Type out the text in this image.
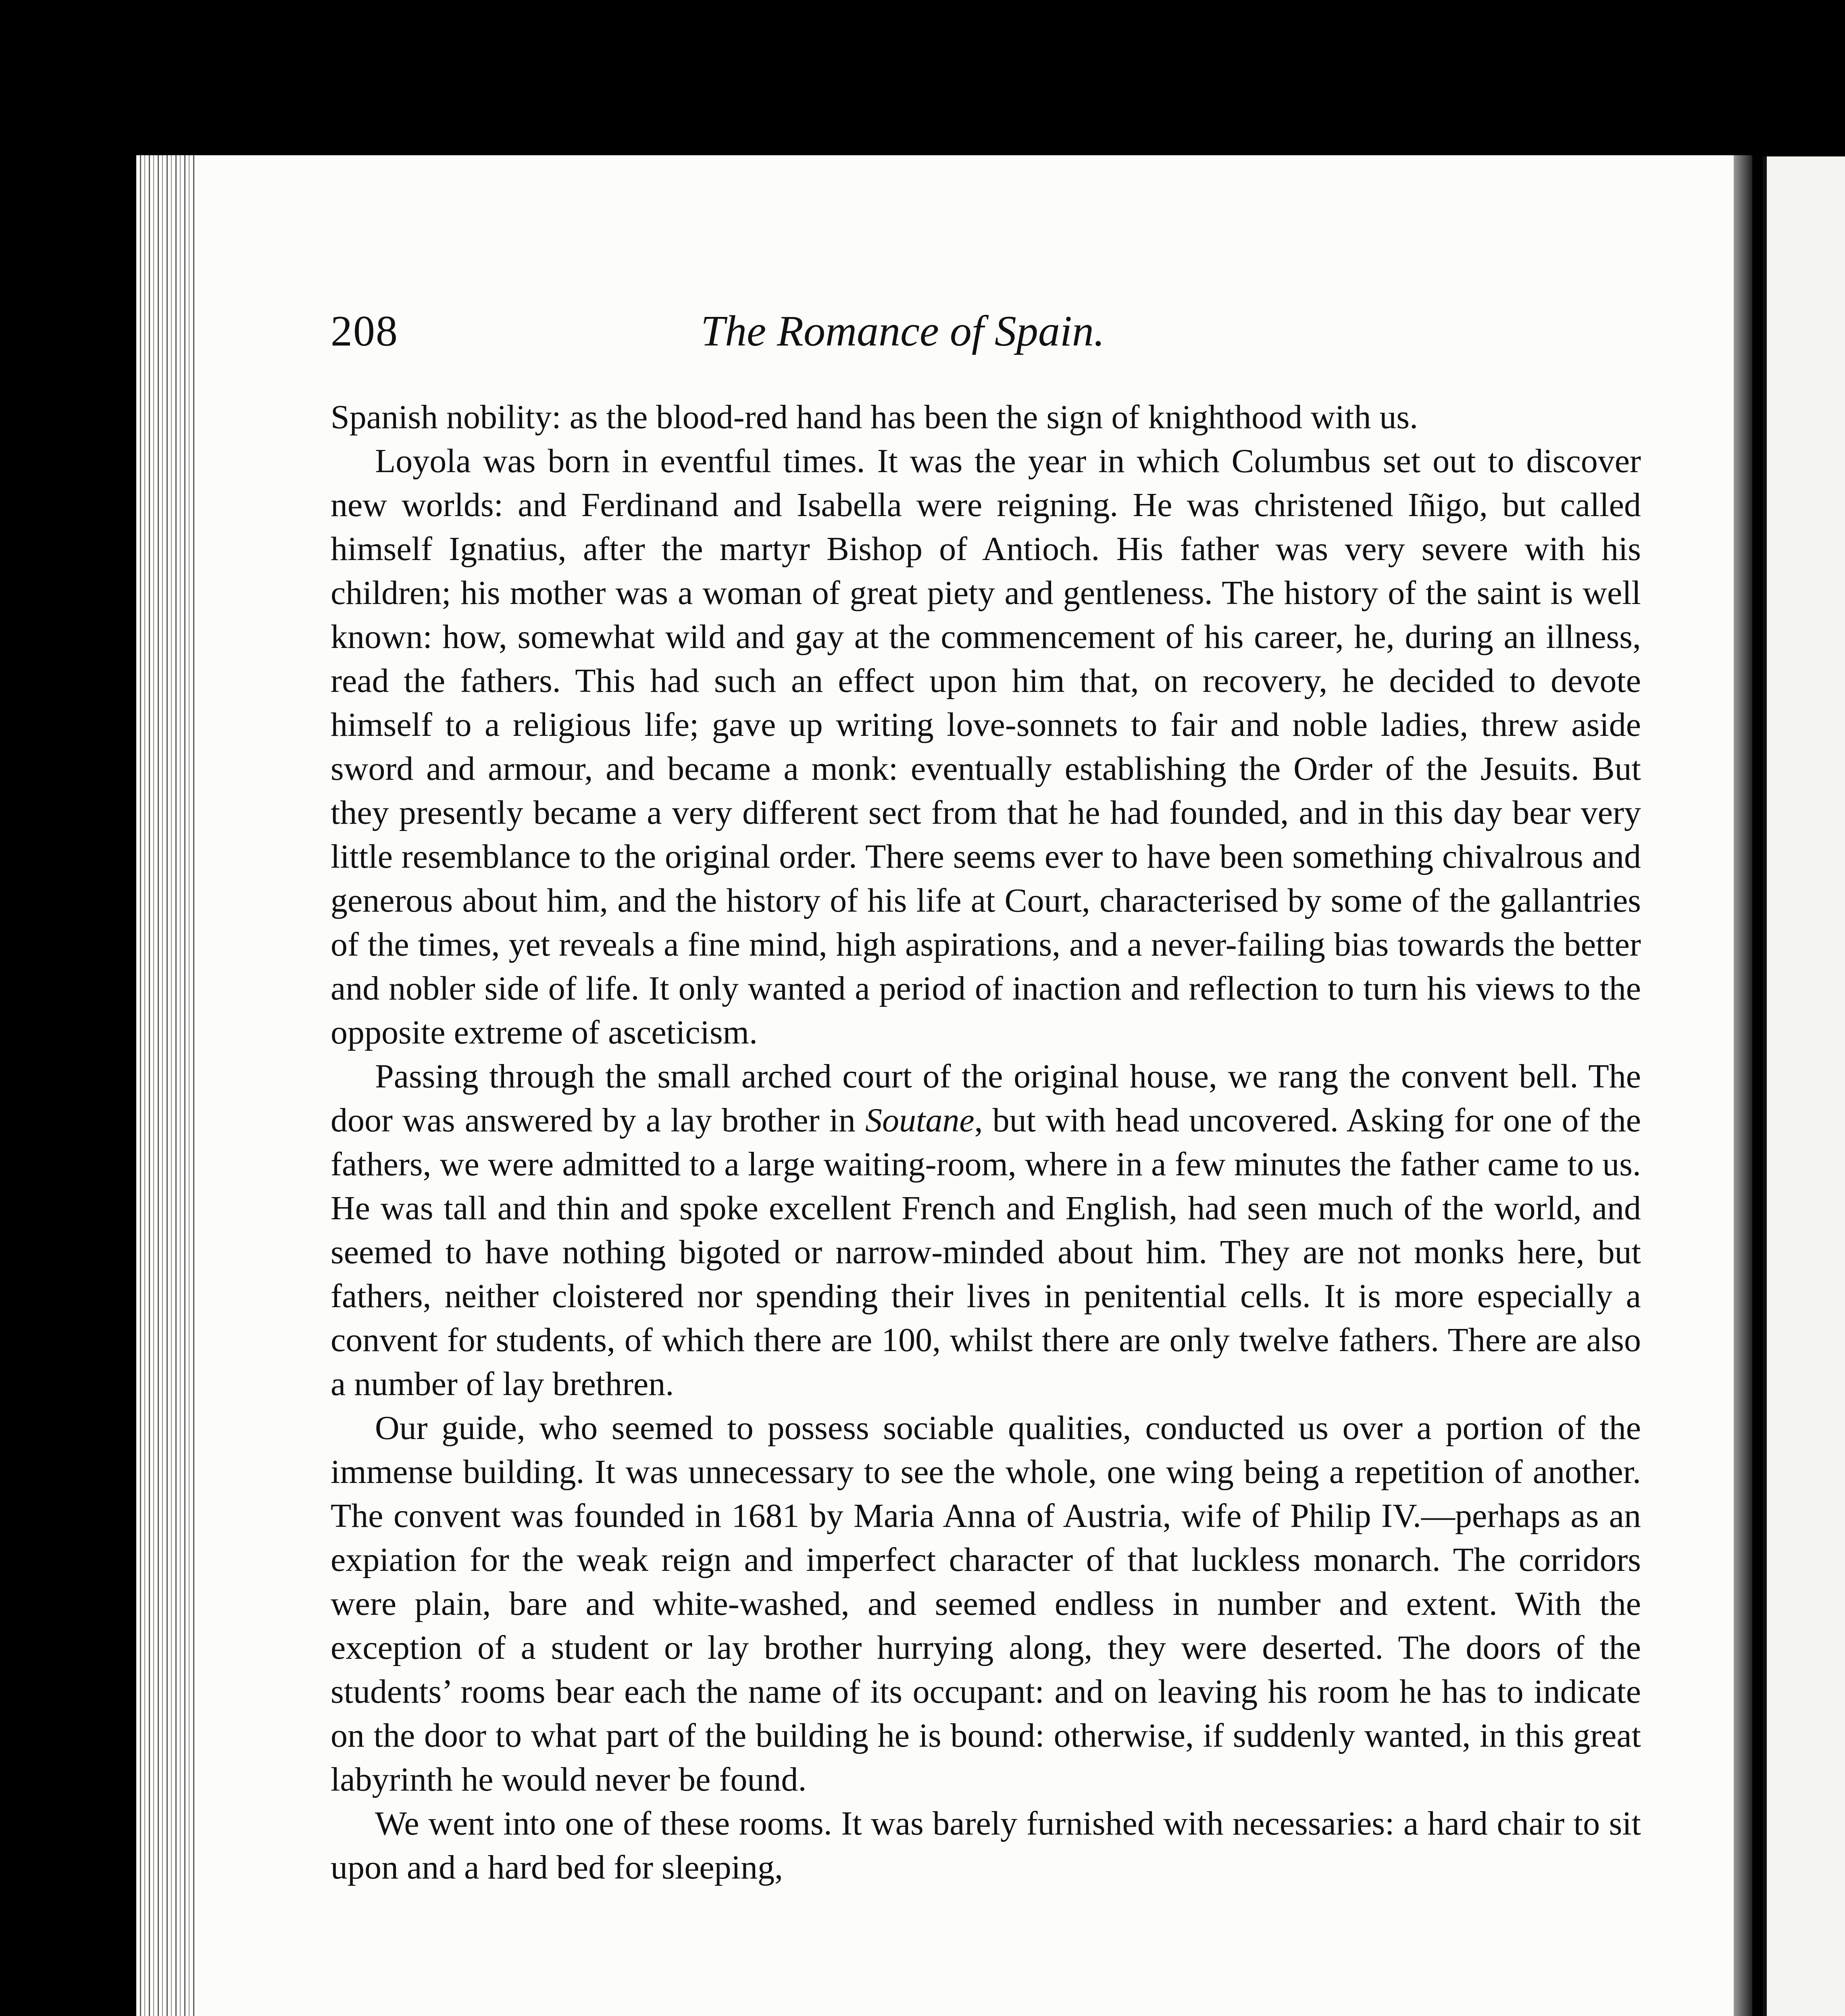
208	The Romance of Spain.

Spanish nobility: as the blood-red hand has been the sign of knighthood with us.

Loyola was born in eventful times. It was the year in which Columbus set out to discover new worlds: and Ferdinand and Isabella were reigning. He was christened Iñigo, but called himself Ignatius, after the martyr Bishop of Antioch. His father was very severe with his children; his mother was a woman of great piety and gentleness. The history of the saint is well known: how, somewhat wild and gay at the commencement of his career, he, during an illness, read the fathers. This had such an effect upon him that, on recovery, he decided to devote himself to a religious life; gave up writing love-sonnets to fair and noble ladies, threw aside sword and armour, and became a monk: eventually establishing the Order of the Jesuits. But they presently became a very different sect from that he had founded, and in this day bear very little resemblance to the original order. There seems ever to have been something chivalrous and generous about him, and the history of his life at Court, characterised by some of the gallantries of the times, yet reveals a fine mind, high aspirations, and a never-failing bias towards the better and nobler side of life. It only wanted a period of inaction and reflection to turn his views to the opposite extreme of asceticism.

Passing through the small arched court of the original house, we rang the convent bell. The door was answered by a lay brother in Soutane, but with head uncovered. Asking for one of the fathers, we were admitted to a large waiting-room, where in a few minutes the father came to us. He was tall and thin and spoke excellent French and English, had seen much of the world, and seemed to have nothing bigoted or narrow-minded about him. They are not monks here, but fathers, neither cloistered nor spending their lives in penitential cells. It is more especially a convent for students, of which there are 100, whilst there are only twelve fathers. There are also a number of lay brethren.

Our guide, who seemed to possess sociable qualities, conducted us over a portion of the immense building. It was unnecessary to see the whole, one wing being a repetition of another. The convent was founded in 1681 by Maria Anna of Austria, wife of Philip IV.—perhaps as an expiation for the weak reign and imperfect character of that luckless monarch. The corridors were plain, bare and white-washed, and seemed endless in number and extent. With the exception of a student or lay brother hurrying along, they were deserted. The doors of the students’ rooms bear each the name of its occupant: and on leaving his room he has to indicate on the door to what part of the building he is bound: otherwise, if suddenly wanted, in this great labyrinth he would never be found.

We went into one of these rooms. It was barely furnished with necessaries: a hard chair to sit upon and a hard bed for sleeping,
